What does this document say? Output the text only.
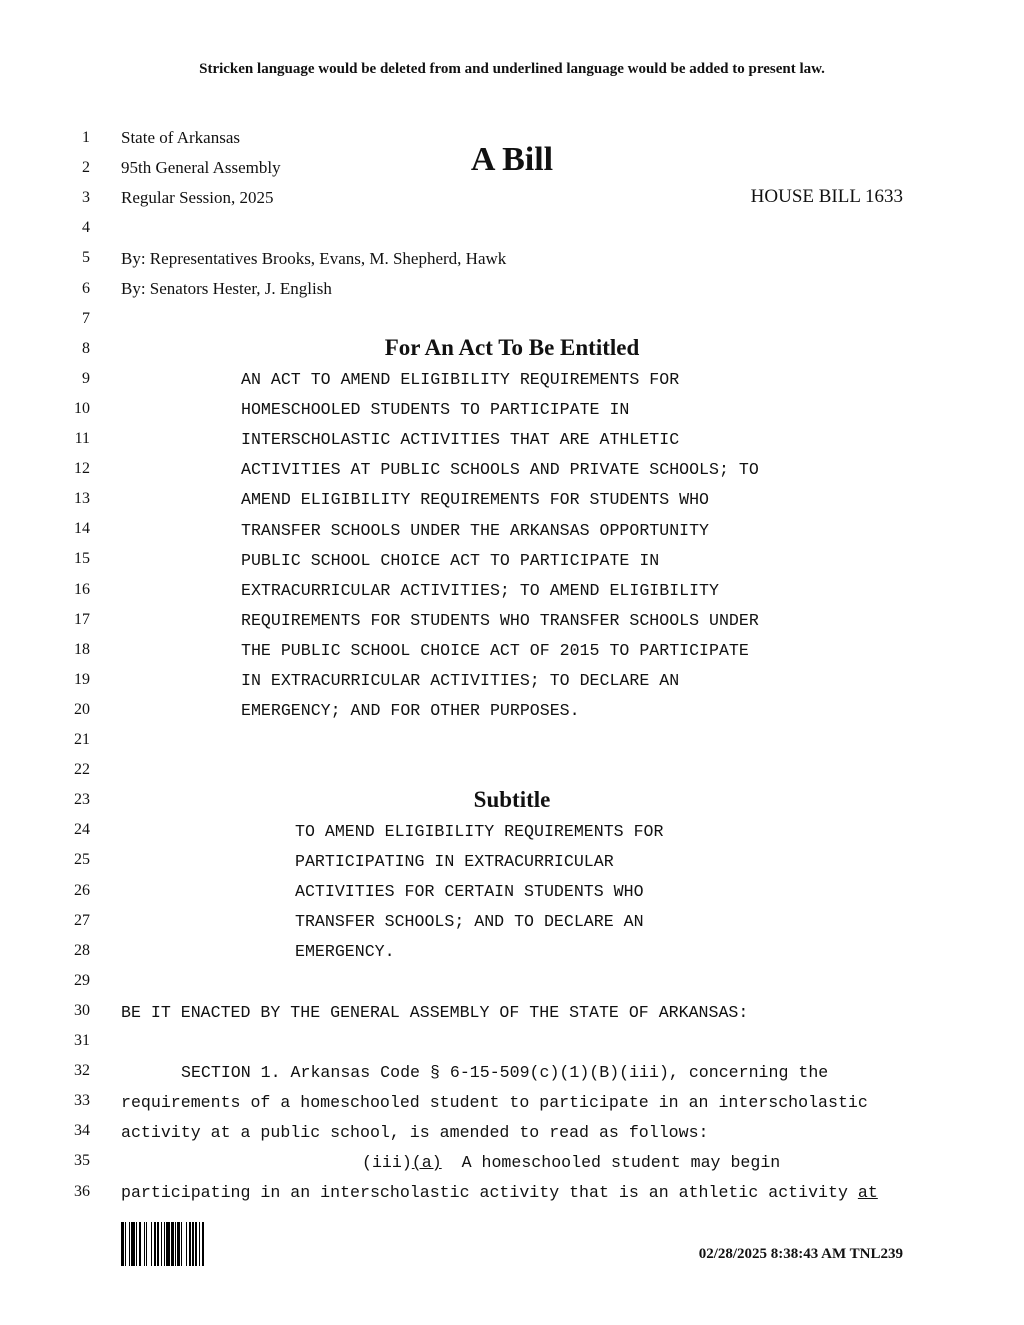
Stricken language would be deleted from and underlined language would be added to present law.
1
2
3
4
5
6
7
8
9
10
11
12
13
14
15
16
17
18
19
20
21
22
23
24
25
26
27
28
29
30
31
32
33
34
35
36
State of Arkansas
95th General Assembly
Regular Session, 2025
A Bill
HOUSE BILL 1633
By: Representatives Brooks, Evans, M. Shepherd, Hawk
By: Senators Hester, J. English
For An Act To Be Entitled
AN ACT TO AMEND ELIGIBILITY REQUIREMENTS FOR
HOMESCHOOLED STUDENTS TO PARTICIPATE IN
INTERSCHOLASTIC ACTIVITIES THAT ARE ATHLETIC
ACTIVITIES AT PUBLIC SCHOOLS AND PRIVATE SCHOOLS; TO
AMEND ELIGIBILITY REQUIREMENTS FOR STUDENTS WHO
TRANSFER SCHOOLS UNDER THE ARKANSAS OPPORTUNITY
PUBLIC SCHOOL CHOICE ACT TO PARTICIPATE IN
EXTRACURRICULAR ACTIVITIES; TO AMEND ELIGIBILITY
REQUIREMENTS FOR STUDENTS WHO TRANSFER SCHOOLS UNDER
THE PUBLIC SCHOOL CHOICE ACT OF 2015 TO PARTICIPATE
IN EXTRACURRICULAR ACTIVITIES; TO DECLARE AN
EMERGENCY; AND FOR OTHER PURPOSES.
Subtitle
TO AMEND ELIGIBILITY REQUIREMENTS FOR
PARTICIPATING IN EXTRACURRICULAR
ACTIVITIES FOR CERTAIN STUDENTS WHO
TRANSFER SCHOOLS; AND TO DECLARE AN
EMERGENCY.
BE IT ENACTED BY THE GENERAL ASSEMBLY OF THE STATE OF ARKANSAS:
SECTION 1. Arkansas Code § 6-15-509(c)(1)(B)(iii), concerning the
requirements of a homeschooled student to participate in an interscholastic
activity at a public school, is amended to read as follows:
(iii)(a)  A homeschooled student may begin
participating in an interscholastic activity that is an athletic activity at
02/28/2025 8:38:43 AM TNL239
